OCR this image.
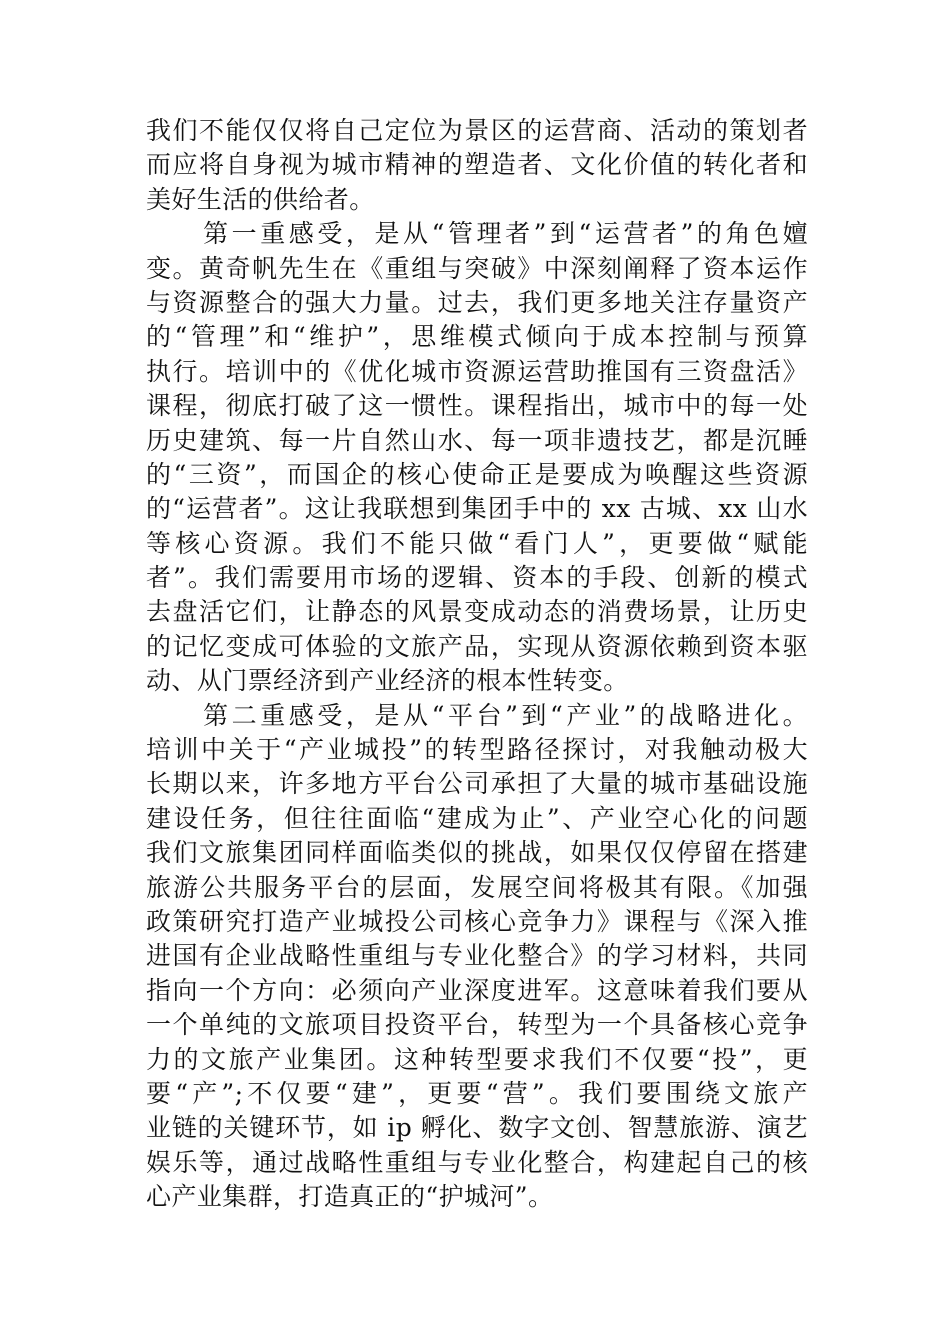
我们不能仅仅将自己定位为景区的运营商、活动的策划者
而应将自身视为城市精神的塑造者、文化价值的转化者和
美好生活的供给者。
　　第一重感受，是从“管理者”到“运营者”的角色嬗
变。黄奇帆先生在《重组与突破》中深刻阐释了资本运作
与资源整合的强大力量。过去，我们更多地关注存量资产
的“管理”和“维护”，思维模式倾向于成本控制与预算
执行。培训中的《优化城市资源运营助推国有三资盘活》
课程，彻底打破了这一惯性。课程指出，城市中的每一处
历史建筑、每一片自然山水、每一项非遗技艺，都是沉睡
的“三资”，而国企的核心使命正是要成为唤醒这些资源
的“运营者”。这让我联想到集团手中的 xx 古城、xx 山水
等核心资源。我们不能只做“看门人”，更要做“赋能
者”。我们需要用市场的逻辑、资本的手段、创新的模式
去盘活它们，让静态的风景变成动态的消费场景，让历史
的记忆变成可体验的文旅产品，实现从资源依赖到资本驱
动、从门票经济到产业经济的根本性转变。
　　第二重感受，是从“平台”到“产业”的战略进化。
培训中关于“产业城投”的转型路径探讨，对我触动极大
长期以来，许多地方平台公司承担了大量的城市基础设施
建设任务，但往往面临“建成为止”、产业空心化的问题
我们文旅集团同样面临类似的挑战，如果仅仅停留在搭建
旅游公共服务平台的层面，发展空间将极其有限。《加强
政策研究打造产业城投公司核心竞争力》课程与《深入推
进国有企业战略性重组与专业化整合》的学习材料，共同
指向一个方向：必须向产业深度进军。这意味着我们要从
一个单纯的文旅项目投资平台，转型为一个具备核心竞争
力的文旅产业集团。这种转型要求我们不仅要“投”，更
要“产”;不仅要“建”，更要“营”。我们要围绕文旅产
业链的关键环节，如 ip 孵化、数字文创、智慧旅游、演艺
娱乐等，通过战略性重组与专业化整合，构建起自己的核
心产业集群，打造真正的“护城河”。
